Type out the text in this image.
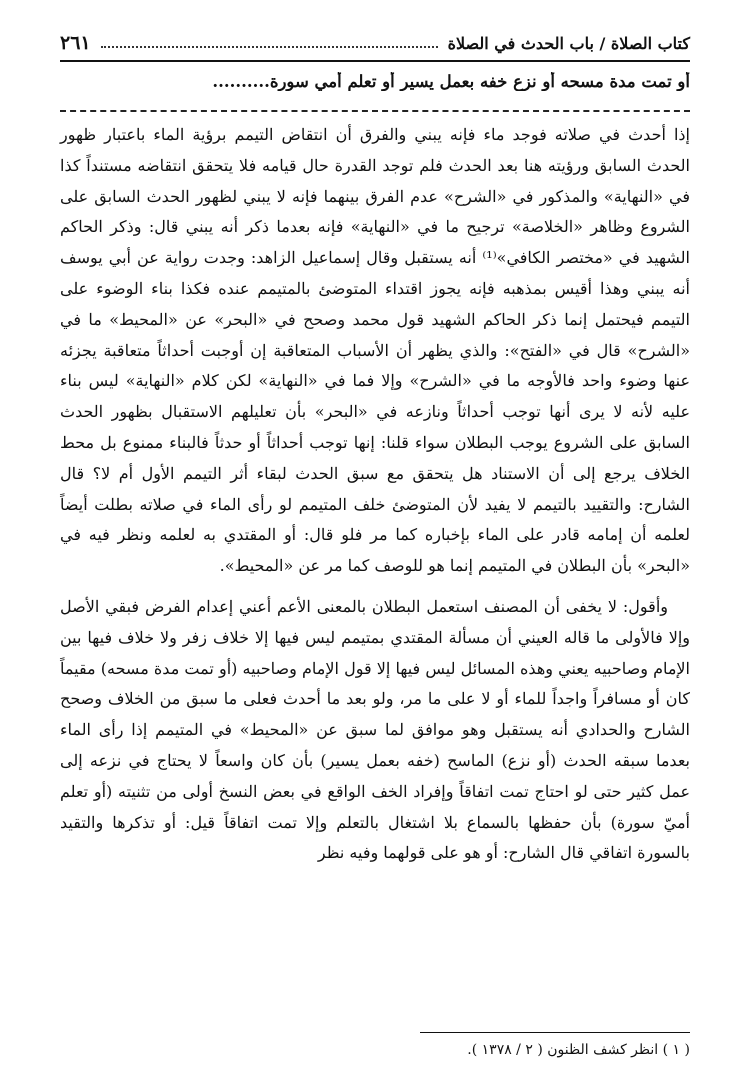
كتاب الصلاة / باب الحدث في الصلاة
٢٦١
أو تمت مدة مسحه أو نزع خفه بعمل يسير أو تعلم أمي سورة..........

إذا أحدث في صلاته فوجد ماء فإنه يبني والفرق أن انتقاض التيمم برؤية الماء باعتبار ظهور الحدث السابق ورؤيته هنا بعد الحدث فلم توجد القدرة حال قيامه فلا يتحقق انتقاضه مستنداً كذا في «النهاية» والمذكور في «الشرح» عدم الفرق بينهما فإنه لا يبني لظهور الحدث السابق على الشروع وظاهر «الخلاصة» ترجيح ما في «النهاية» فإنه بعدما ذكر أنه يبني قال: وذكر الحاكم الشهيد في «مختصر الكافي»⁽¹⁾ أنه يستقبل وقال إسماعيل الزاهد: وجدت رواية عن أبي يوسف أنه يبني وهذا أقيس بمذهبه فإنه يجوز اقتداء المتوضئ بالمتيمم عنده فكذا بناء الوضوء على التيمم فيحتمل إنما ذكر الحاكم الشهيد قول محمد وصحح في «البحر» عن «المحيط» ما في «الشرح» قال في «الفتح»: والذي يظهر أن الأسباب المتعاقبة إن أوجبت أحداثاً متعاقبة يجزئه عنها وضوء واحد فالأوجه ما في «الشرح» وإلا فما في «النهاية» لكن كلام «النهاية» ليس بناء عليه لأنه لا يرى أنها توجب أحداثاً ونازعه في «البحر» بأن تعليلهم الاستقبال بظهور الحدث السابق على الشروع يوجب البطلان سواء قلنا: إنها توجب أحداثاً أو حدثاً فالبناء ممنوع بل محط الخلاف يرجع إلى أن الاستناد هل يتحقق مع سبق الحدث لبقاء أثر التيمم الأول أم لا؟ قال الشارح: والتقييد بالتيمم لا يفيد لأن المتوضئ خلف المتيمم لو رأى الماء في صلاته بطلت أيضاً لعلمه أن إمامه قادر على الماء بإخباره كما مر فلو قال: أو المقتدي به لعلمه ونظر فيه في «البحر» بأن البطلان في المتيمم إنما هو للوصف كما مر عن «المحيط».

وأقول: لا يخفى أن المصنف استعمل البطلان بالمعنى الأعم أعني إعدام الفرض فبقي الأصل وإلا فالأولى ما قاله العيني أن مسألة المقتدي بمتيمم ليس فيها إلا خلاف زفر ولا خلاف فيها بين الإمام وصاحبيه يعني وهذه المسائل ليس فيها إلا قول الإمام وصاحبيه (أو تمت مدة مسحه) مقيماً كان أو مسافراً واجداً للماء أو لا على ما مر، ولو بعد ما أحدث فعلى ما سبق من الخلاف وصحح الشارح والحدادي أنه يستقبل وهو موافق لما سبق عن «المحيط» في المتيمم إذا رأى الماء بعدما سبقه الحدث (أو نزع) الماسح (خفه بعمل يسير) بأن كان واسعاً لا يحتاج في نزعه إلى عمل كثير حتى لو احتاج تمت اتفاقاً وإفراد الخف الواقع في بعض النسخ أولى من تثنيته (أو تعلم أميّ سورة) بأن حفظها بالسماع بلا اشتغال بالتعلم وإلا تمت اتفاقاً قيل: أو تذكرها والتقيد بالسورة اتفاقي قال الشارح: أو هو على قولهما وفيه نظر

( ١ ) انظر كشف الظنون ( ٢ / ١٣٧٨ ).
